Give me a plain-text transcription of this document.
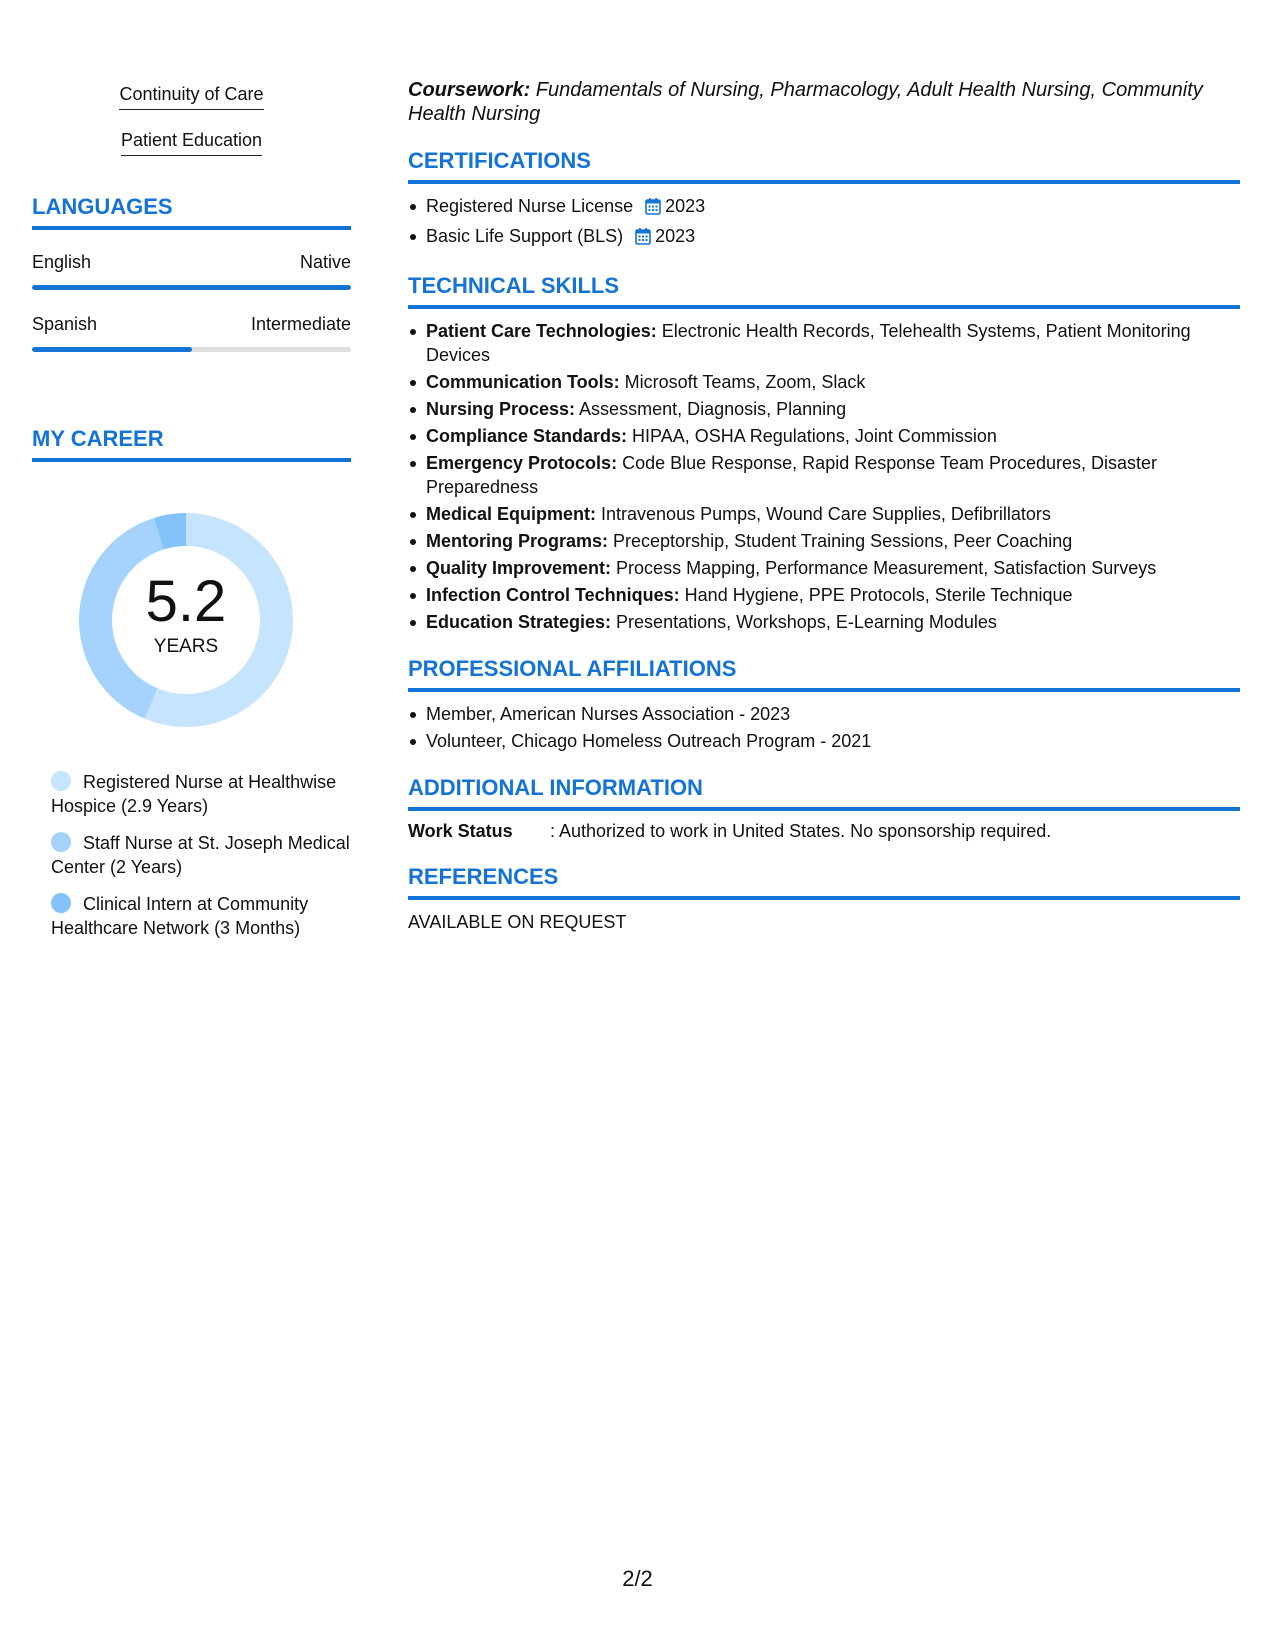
Continuity of Care
Patient Education
LANGUAGES
English	Native
Spanish	Intermediate
MY CAREER
5.2
YEARS
Registered Nurse at Healthwise Hospice (2.9 Years)
Staff Nurse at St. Joseph Medical Center (2 Years)
Clinical Intern at Community Healthcare Network (3 Months)
Coursework: Fundamentals of Nursing, Pharmacology, Adult Health Nursing, Community Health Nursing
CERTIFICATIONS
Registered Nurse License 2023
Basic Life Support (BLS) 2023
TECHNICAL SKILLS
Patient Care Technologies: Electronic Health Records, Telehealth Systems, Patient Monitoring Devices
Communication Tools: Microsoft Teams, Zoom, Slack
Nursing Process: Assessment, Diagnosis, Planning
Compliance Standards: HIPAA, OSHA Regulations, Joint Commission
Emergency Protocols: Code Blue Response, Rapid Response Team Procedures, Disaster Preparedness
Medical Equipment: Intravenous Pumps, Wound Care Supplies, Defibrillators
Mentoring Programs: Preceptorship, Student Training Sessions, Peer Coaching
Quality Improvement: Process Mapping, Performance Measurement, Satisfaction Surveys
Infection Control Techniques: Hand Hygiene, PPE Protocols, Sterile Technique
Education Strategies: Presentations, Workshops, E-Learning Modules
PROFESSIONAL AFFILIATIONS
Member, American Nurses Association - 2023
Volunteer, Chicago Homeless Outreach Program - 2021
ADDITIONAL INFORMATION
Work Status	: Authorized to work in United States. No sponsorship required.
REFERENCES
AVAILABLE ON REQUEST
2/2
